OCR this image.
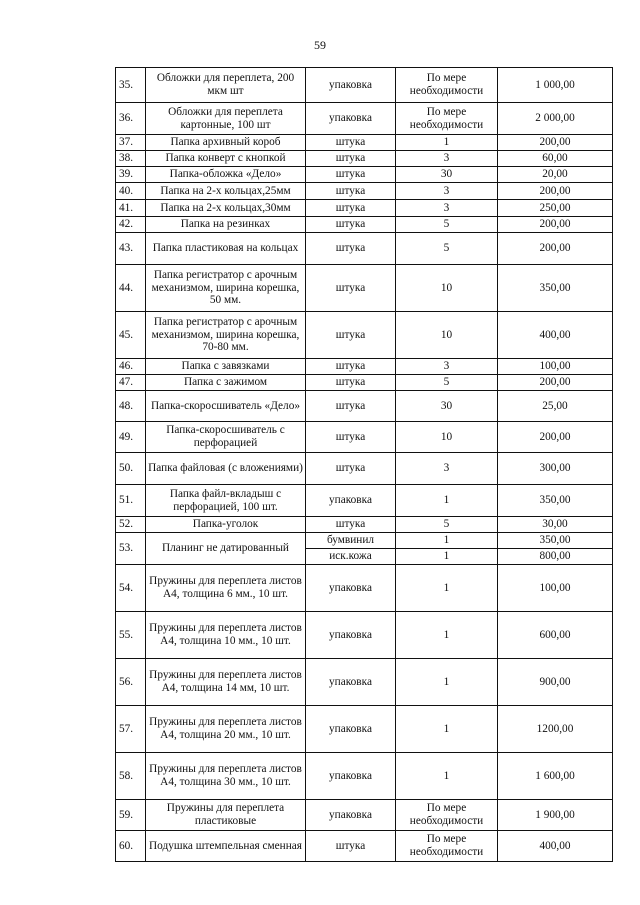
59
35.	Обложки для переплета, 200 мкм шт	упаковка	По мере необходимости	1 000,00
36.	Обложки для переплета картонные, 100 шт	упаковка	По мере необходимости	2 000,00
37.	Папка архивный короб	штука	1	200,00
38.	Папка конверт с кнопкой	штука	3	60,00
39.	Папка-обложка «Дело»	штука	30	20,00
40.	Папка на 2-х кольцах,25мм	штука	3	200,00
41.	Папка на 2-х кольцах,30мм	штука	3	250,00
42.	Папка на резинках	штука	5	200,00
43.	Папка пластиковая на кольцах	штука	5	200,00
44.	Папка регистратор с арочным механизмом, ширина корешка, 50 мм.	штука	10	350,00
45.	Папка регистратор с арочным механизмом, ширина корешка, 70-80 мм.	штука	10	400,00
46.	Папка с завязками	штука	3	100,00
47.	Папка с зажимом	штука	5	200,00
48.	Папка-скоросшиватель «Дело»	штука	30	25,00
49.	Папка-скоросшиватель с перфорацией	штука	10	200,00
50.	Папка файловая (с вложениями)	штука	3	300,00
51.	Папка файл-вкладыш с перфорацией, 100 шт.	упаковка	1	350,00
52.	Папка-уголок	штука	5	30,00
53.	Планинг не датированный	бумвинил	1	350,00
		иск.кожа	1	800,00
54.	Пружины для переплета листов А4, толщина 6 мм., 10 шт.	упаковка	1	100,00
55.	Пружины для переплета листов А4, толщина 10 мм., 10 шт.	упаковка	1	600,00
56.	Пружины для переплета листов А4, толщина 14 мм, 10 шт.	упаковка	1	900,00
57.	Пружины для переплета листов А4, толщина 20 мм., 10 шт.	упаковка	1	1200,00
58.	Пружины для переплета листов А4, толщина 30 мм., 10 шт.	упаковка	1	1 600,00
59.	Пружины для переплета пластиковые	упаковка	По мере необходимости	1 900,00
60.	Подушка штемпельная сменная	штука	По мере необходимости	400,00
